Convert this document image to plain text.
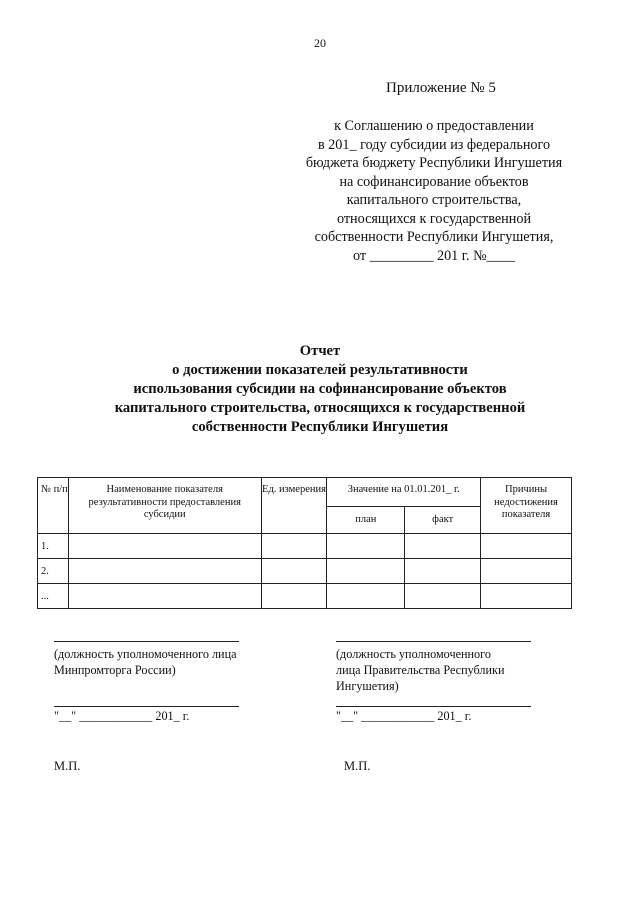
20
Приложение № 5
к Соглашению о предоставлении
в 201_ году субсидии из федерального
бюджета бюджету Республики Ингушетия
на софинансирование объектов
капитального строительства,
относящихся к государственной
собственности Республики Ингушетия,
от _________ 201 г. №____
Отчет
о достижении показателей результативности
использования субсидии на софинансирование объектов
капитального строительства, относящихся к государственной
собственности Республики Ингушетия
№ п/п	Наименование показателя результативности предоставления субсидии	Ед. измерения	Значение на 01.01.201_ г.		Причины недостижения показателя
			план	факт	
1.					
2.					
...					
(должность уполномоченного лица
Минпромторга России)
"__" ____________ 201_ г.
М.П.
(должность уполномоченного
лица Правительства Республики
Ингушетия)
"__" ____________ 201_ г.
М.П.
